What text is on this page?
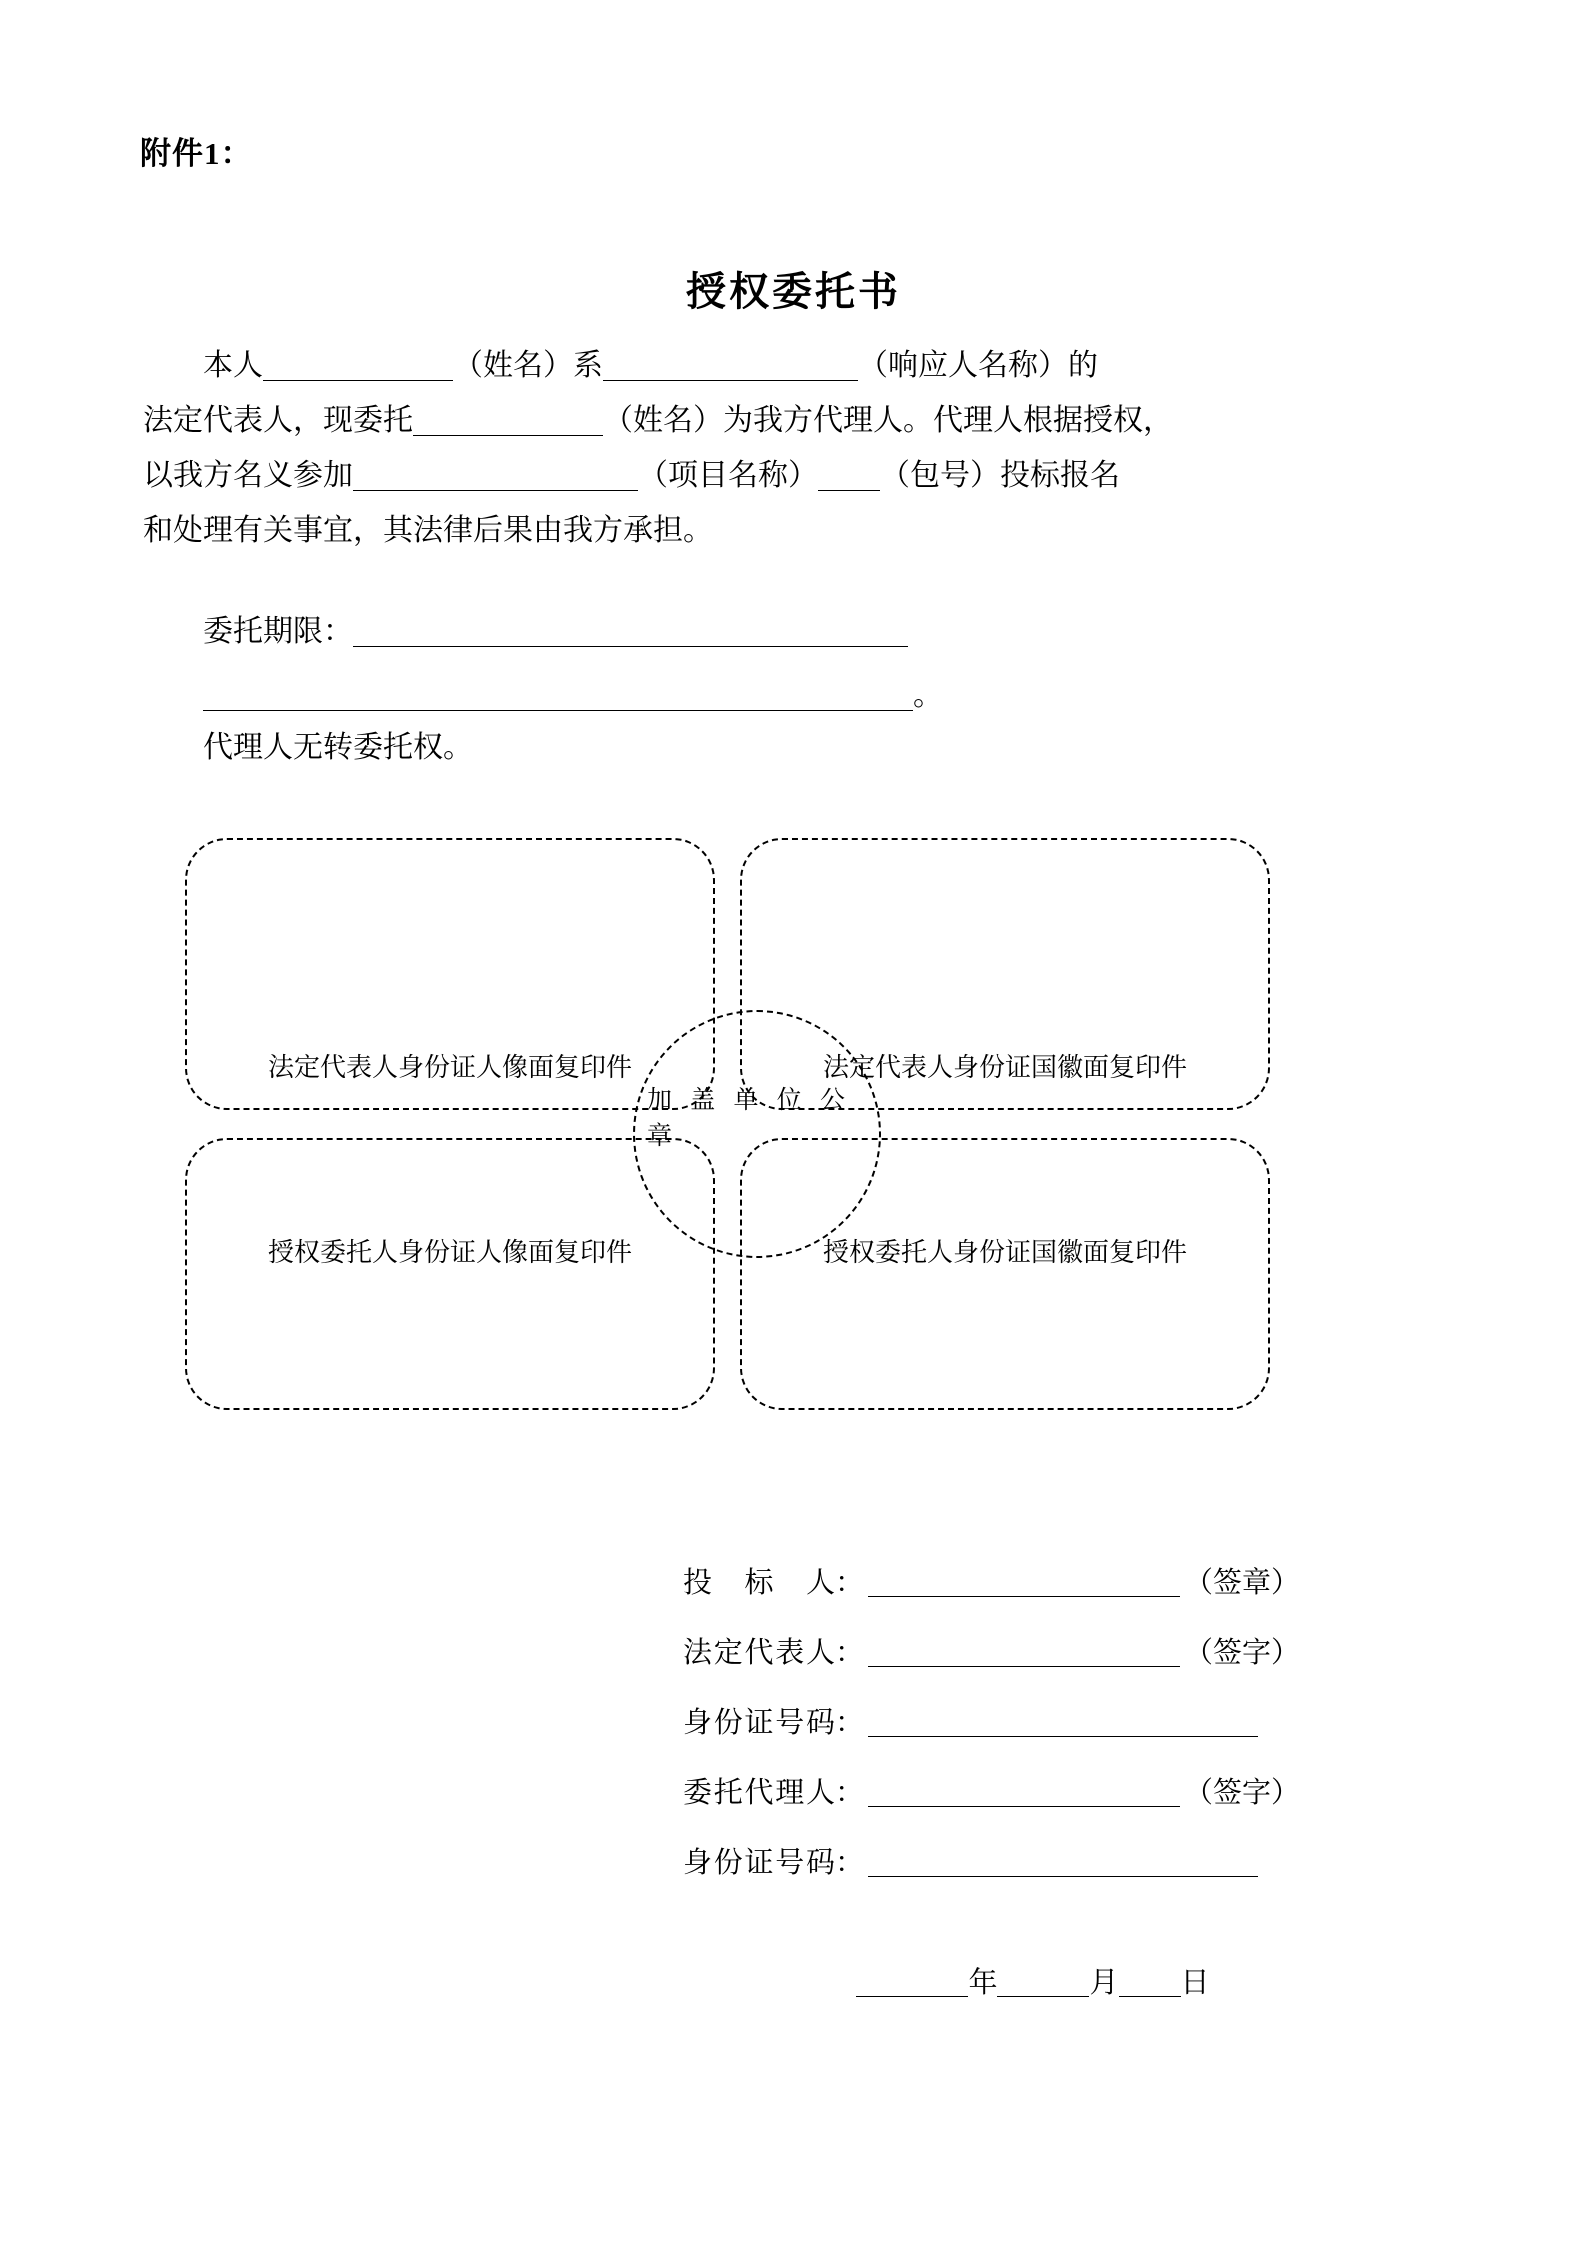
附件1：
授权委托书
本人	（姓名）系	（响应人名称）的
法定代表人，现委托	（姓名）为我方代理人。代理人根据授权，
以我方名义参加	（项目名称） （包号）投标报名
和处理有关事宜，其法律后果由我方承担。
委托期限：
。
代理人无转委托权。
法定代表人身份证人像面复印件	法定代表人身份证国徽面复印件
授权委托人身份证人像面复印件	授权委托人身份证国徽面复印件
加 盖 单 位 公
章
投标人：	（签章）
法定代表人：	（签字）
身份证号码：
委托代理人：	（签字）
身份证号码：
年	月 日
